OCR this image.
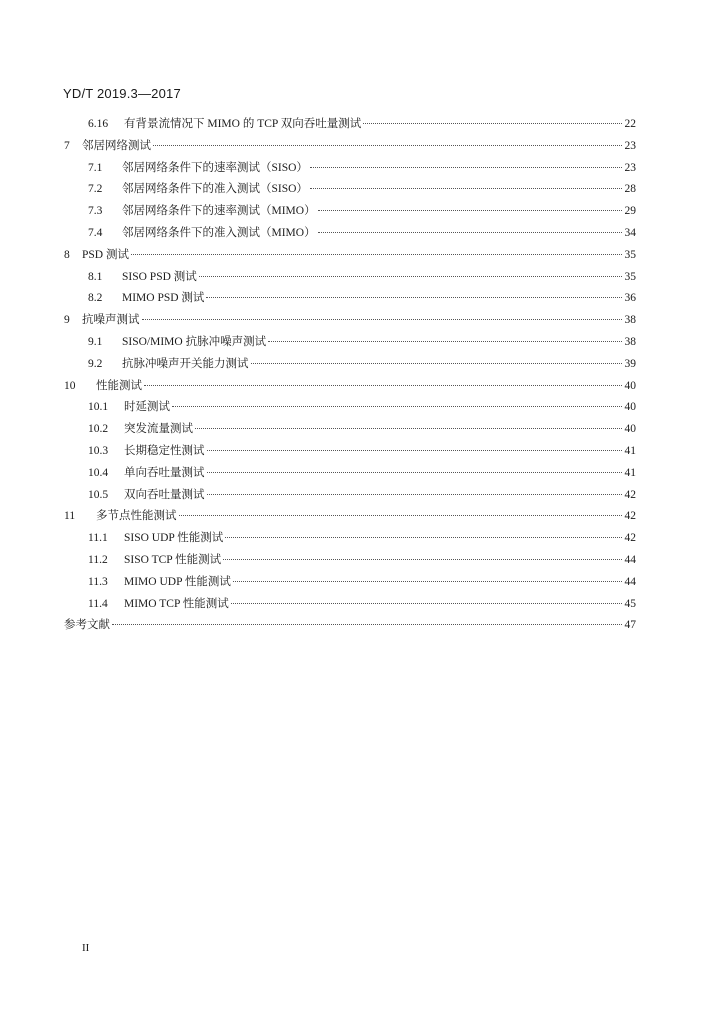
YD/T 2019.3—2017
6.16	有背景流情况下 MIMO 的 TCP 双向吞吐量测试	22
7	邻居网络测试	23
7.1	邻居网络条件下的速率测试（SISO）	23
7.2	邻居网络条件下的准入测试（SISO）	28
7.3	邻居网络条件下的速率测试（MIMO）	29
7.4	邻居网络条件下的准入测试（MIMO）	34
8	PSD 测试	35
8.1	SISO PSD 测试	35
8.2	MIMO PSD 测试	36
9	抗噪声测试	38
9.1	SISO/MIMO 抗脉冲噪声测试	38
9.2	抗脉冲噪声开关能力测试	39
10	性能测试	40
10.1	时延测试	40
10.2	突发流量测试	40
10.3	长期稳定性测试	41
10.4	单向吞吐量测试	41
10.5	双向吞吐量测试	42
11	多节点性能测试	42
11.1	SISO UDP 性能测试	42
11.2	SISO TCP 性能测试	44
11.3	MIMO UDP 性能测试	44
11.4	MIMO TCP 性能测试	45
参考文献	47
II
